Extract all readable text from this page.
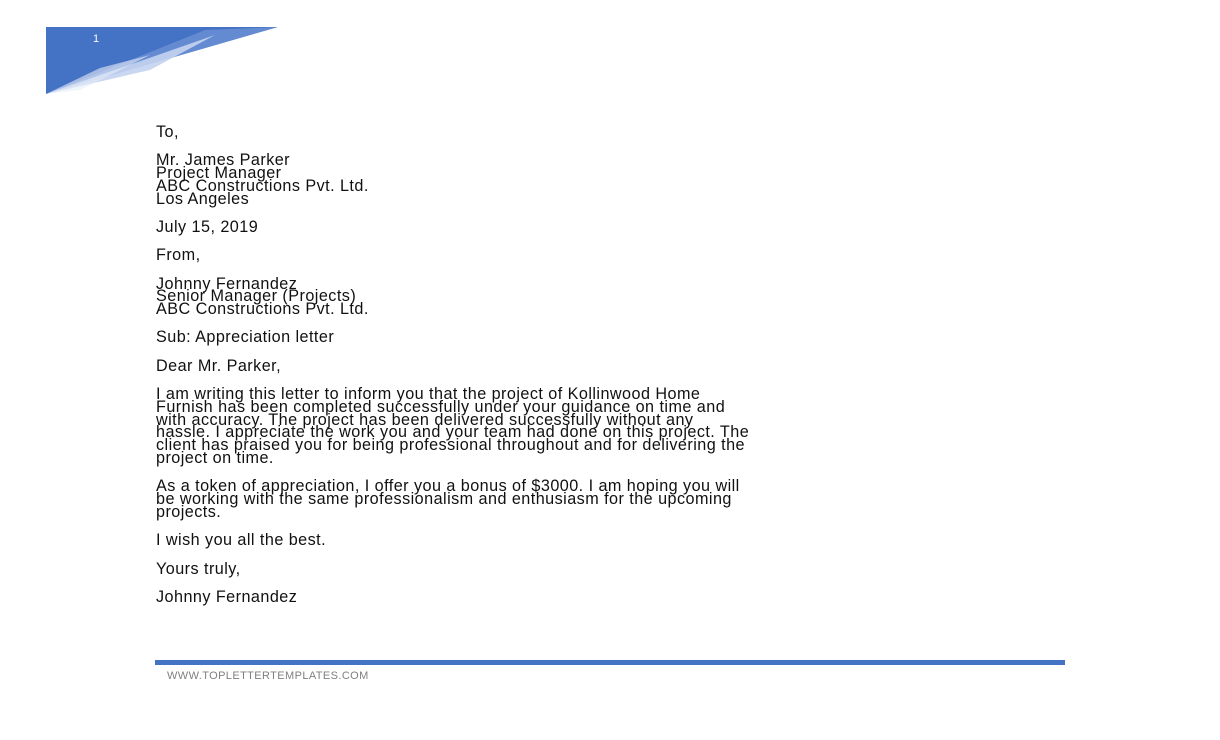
1
To,
Mr. James Parker
Project Manager
ABC Constructions Pvt. Ltd.
Los Angeles
July 15, 2019
From,
Johnny Fernandez
Senior Manager (Projects)
ABC Constructions Pvt. Ltd.
Sub: Appreciation letter
Dear Mr. Parker,
I am writing this letter to inform you that the project of Kollinwood Home
Furnish has been completed successfully under your guidance on time and
with accuracy. The project has been delivered successfully without any
hassle. I appreciate the work you and your team had done on this project. The
client has praised you for being professional throughout and for delivering the
project on time.
As a token of appreciation, I offer you a bonus of $3000. I am hoping you will
be working with the same professionalism and enthusiasm for the upcoming
projects.
I wish you all the best.
Yours truly,
Johnny Fernandez
WWW.TOPLETTERTEMPLATES.COM
